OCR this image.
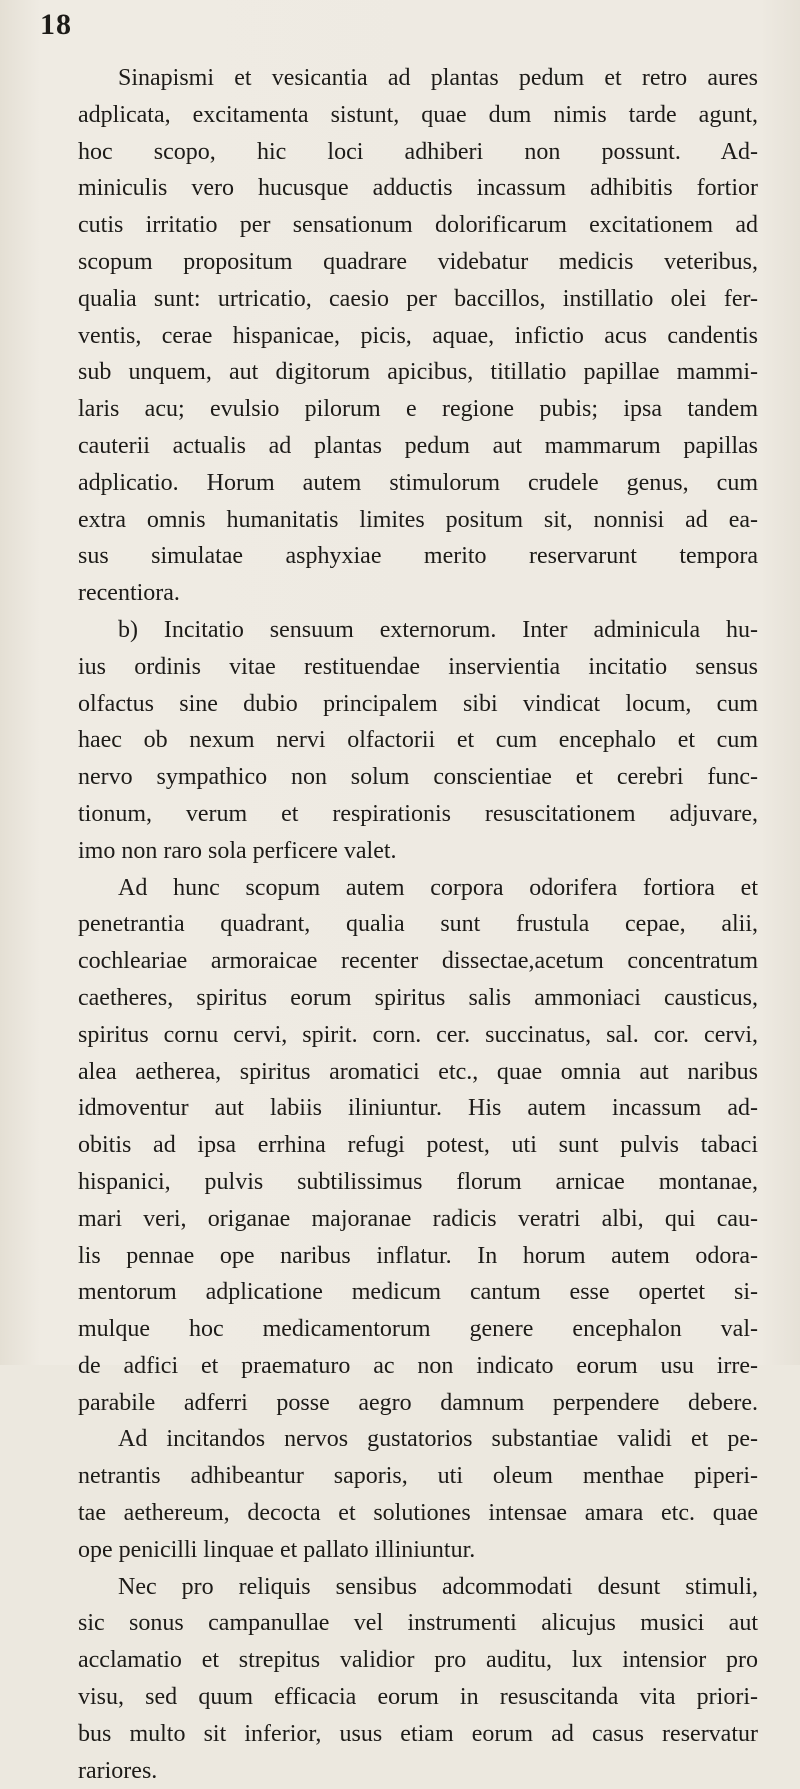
18
Sinapismi et vesicantia ad plantas pedum et retro aures
adplicata, excitamenta sistunt, quae dum nimis tarde agunt,
hoc scopo, hic loci adhiberi non possunt. Ad-
miniculis vero hucusque adductis incassum adhibitis fortior
cutis irritatio per sensationum dolorificarum excitationem ad
scopum propositum quadrare videbatur medicis veteribus,
qualia sunt: urtricatio, caesio per baccillos, instillatio olei fer-
ventis, cerae hispanicae, picis, aquae, infictio acus candentis
sub unquem, aut digitorum apicibus, titillatio papillae mammi-
laris acu; evulsio pilorum e regione pubis; ipsa tandem
cauterii actualis ad plantas pedum aut mammarum papillas
adplicatio. Horum autem stimulorum crudele genus, cum
extra omnis humanitatis limites positum sit, nonnisi ad ea-
sus simulatae asphyxiae merito reservarunt tempora
recentiora.
b) Incitatio sensuum externorum. Inter adminicula hu-
ius ordinis vitae restituendae inservientia incitatio sensus
olfactus sine dubio principalem sibi vindicat locum, cum
haec ob nexum nervi olfactorii et cum encephalo et cum
nervo sympathico non solum conscientiae et cerebri func-
tionum, verum et respirationis resuscitationem adjuvare,
imo non raro sola perficere valet.
Ad hunc scopum autem corpora odorifera fortiora et
penetrantia quadrant, qualia sunt frustula cepae, alii,
cochleariae armoraicae recenter dissectae,acetum concentratum
caetheres, spiritus eorum spiritus salis ammoniaci causticus,
spiritus cornu cervi, spirit. corn. cer. succinatus, sal. cor. cervi,
alea aetherea, spiritus aromatici etc., quae omnia aut naribus
idmoventur aut labiis iliniuntur. His autem incassum ad-
obitis ad ipsa errhina refugi potest, uti sunt pulvis tabaci
hispanici, pulvis subtilissimus florum arnicae montanae,
mari veri, origanae majoranae radicis veratri albi, qui cau-
lis pennae ope naribus inflatur. In horum autem odora-
mentorum adplicatione medicum cantum esse opertet si-
mulque hoc medicamentorum genere encephalon val-
de adfici et praematuro ac non indicato eorum usu irre-
parabile adferri posse aegro damnum perpendere debere.
Ad incitandos nervos gustatorios substantiae validi et pe-
netrantis adhibeantur saporis, uti oleum menthae piperi-
tae aethereum, decocta et solutiones intensae amara etc. quae
ope penicilli linquae et pallato illiniuntur.
Nec pro reliquis sensibus adcommodati desunt stimuli,
sic sonus campanullae vel instrumenti alicujus musici aut
acclamatio et strepitus validior pro auditu, lux intensior pro
visu, sed quum efficacia eorum in resuscitanda vita priori-
bus multo sit inferior, usus etiam eorum ad casus reservatur
rariores.
